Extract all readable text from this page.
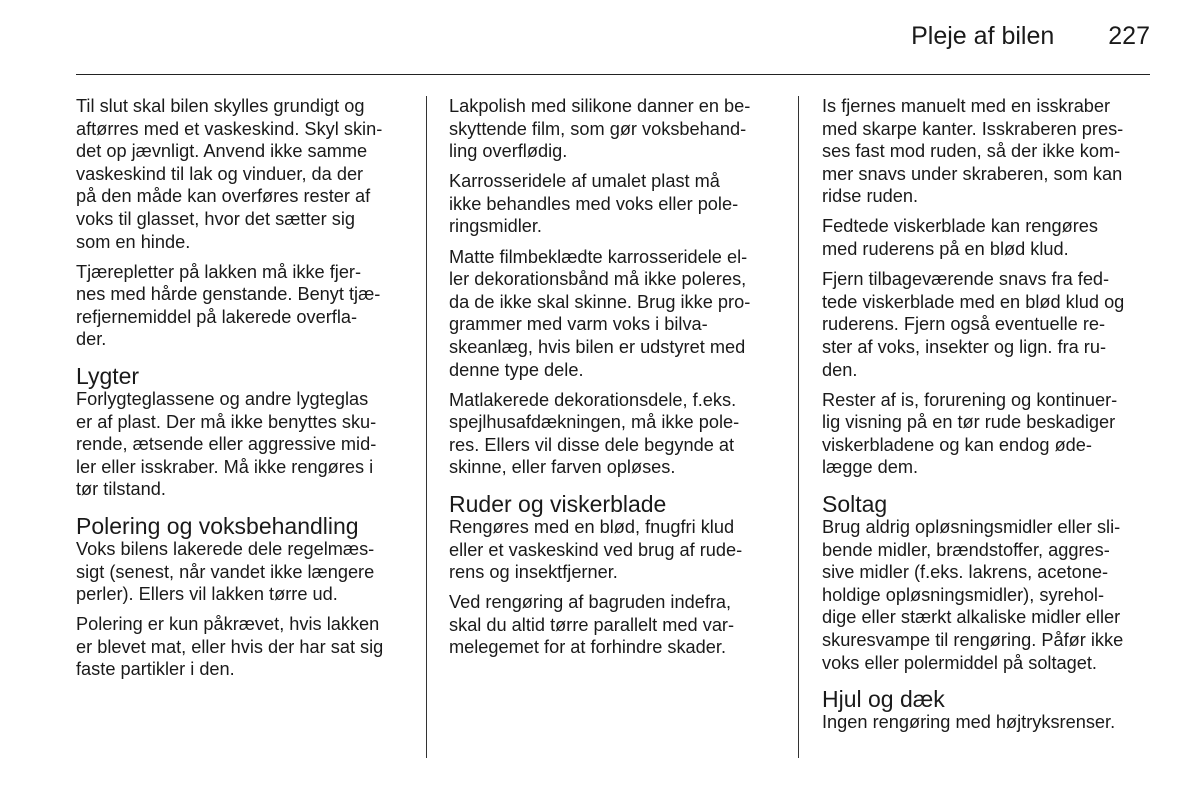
Pleje af bilen 227

Til slut skal bilen skylles grundigt og
aftørres med et vaskeskind. Skyl skin-
det op jævnligt. Anvend ikke samme
vaskeskind til lak og vinduer, da der
på den måde kan overføres rester af
voks til glasset, hvor det sætter sig
som en hinde.

Tjærepletter på lakken må ikke fjer-
nes med hårde genstande. Benyt tjæ-
refjernemiddel på lakerede overfla-
der.

Lygter

Forlygteglassene og andre lygteglas
er af plast. Der må ikke benyttes sku-
rende, ætsende eller aggressive mid-
ler eller isskraber. Må ikke rengøres i
tør tilstand.

Polering og voksbehandling

Voks bilens lakerede dele regelmæs-
sigt (senest, når vandet ikke længere
perler). Ellers vil lakken tørre ud.

Polering er kun påkrævet, hvis lakken
er blevet mat, eller hvis der har sat sig
faste partikler i den.

Lakpolish med silikone danner en be-
skyttende film, som gør voksbehand-
ling overflødig.

Karrosseridele af umalet plast må
ikke behandles med voks eller pole-
ringsmidler.

Matte filmbeklædte karrosseridele el-
ler dekorationsbånd må ikke poleres,
da de ikke skal skinne. Brug ikke pro-
grammer med varm voks i bilva-
skeanlæg, hvis bilen er udstyret med
denne type dele.

Matlakerede dekorationsdele, f.eks.
spejlhusafdækningen, må ikke pole-
res. Ellers vil disse dele begynde at
skinne, eller farven opløses.

Ruder og viskerblade

Rengøres med en blød, fnugfri klud
eller et vaskeskind ved brug af rude-
rens og insektfjerner.

Ved rengøring af bagruden indefra,
skal du altid tørre parallelt med var-
melegemet for at forhindre skader.

Is fjernes manuelt med en isskraber
med skarpe kanter. Isskraberen pres-
ses fast mod ruden, så der ikke kom-
mer snavs under skraberen, som kan
ridse ruden.

Fedtede viskerblade kan rengøres
med ruderens på en blød klud.

Fjern tilbageværende snavs fra fed-
tede viskerblade med en blød klud og
ruderens. Fjern også eventuelle re-
ster af voks, insekter og lign. fra ru-
den.

Rester af is, forurening og kontinuer-
lig visning på en tør rude beskadiger
viskerbladene og kan endog øde-
lægge dem.

Soltag

Brug aldrig opløsningsmidler eller sli-
bende midler, brændstoffer, aggres-
sive midler (f.eks. lakrens, acetone-
holdige opløsningsmidler), syrehol-
dige eller stærkt alkaliske midler eller
skuresvampe til rengøring. Påfør ikke
voks eller polermiddel på soltaget.

Hjul og dæk

Ingen rengøring med højtryksrenser.
